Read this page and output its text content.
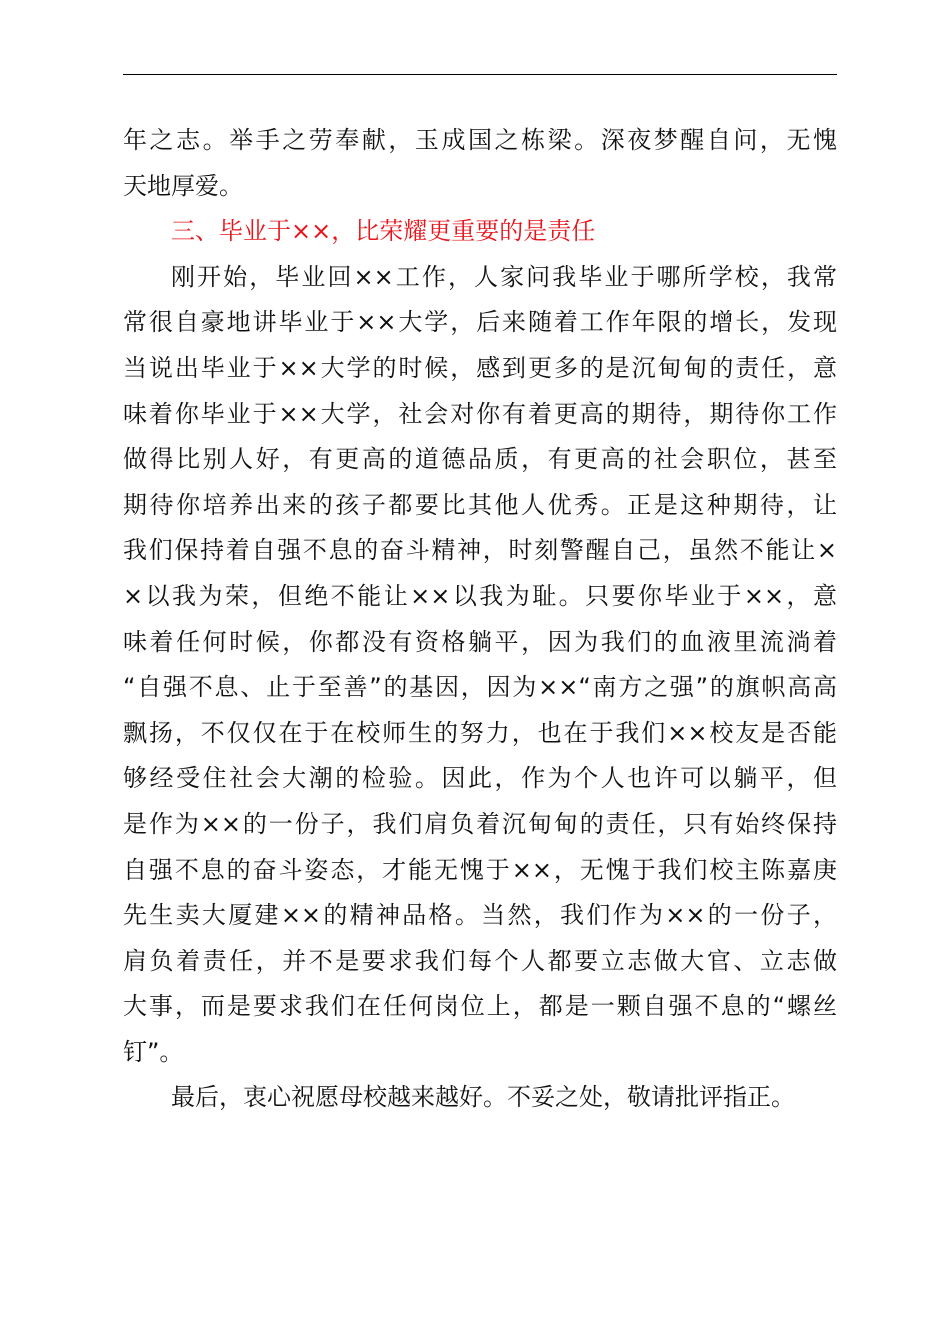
年之志。举手之劳奉献，玉成国之栋梁。深夜梦醒自问，无愧
天地厚爱。
三、毕业于××，比荣耀更重要的是责任
刚开始，毕业回××工作，人家问我毕业于哪所学校，我常
常很自豪地讲毕业于××大学，后来随着工作年限的增长，发现
当说出毕业于××大学的时候，感到更多的是沉甸甸的责任，意
味着你毕业于××大学，社会对你有着更高的期待，期待你工作
做得比别人好，有更高的道德品质，有更高的社会职位，甚至
期待你培养出来的孩子都要比其他人优秀。正是这种期待，让
我们保持着自强不息的奋斗精神，时刻警醒自己，虽然不能让×
×以我为荣，但绝不能让××以我为耻。只要你毕业于××，意
味着任何时候，你都没有资格躺平，因为我们的血液里流淌着
“自强不息、止于至善”的基因，因为××“南方之强”的旗帜高高
飘扬，不仅仅在于在校师生的努力，也在于我们××校友是否能
够经受住社会大潮的检验。因此，作为个人也许可以躺平，但
是作为××的一份子，我们肩负着沉甸甸的责任，只有始终保持
自强不息的奋斗姿态，才能无愧于××，无愧于我们校主陈嘉庚
先生卖大厦建××的精神品格。当然，我们作为××的一份子，
肩负着责任，并不是要求我们每个人都要立志做大官、立志做
大事，而是要求我们在任何岗位上，都是一颗自强不息的“螺丝
钉”。
最后，衷心祝愿母校越来越好。不妥之处，敬请批评指正。
